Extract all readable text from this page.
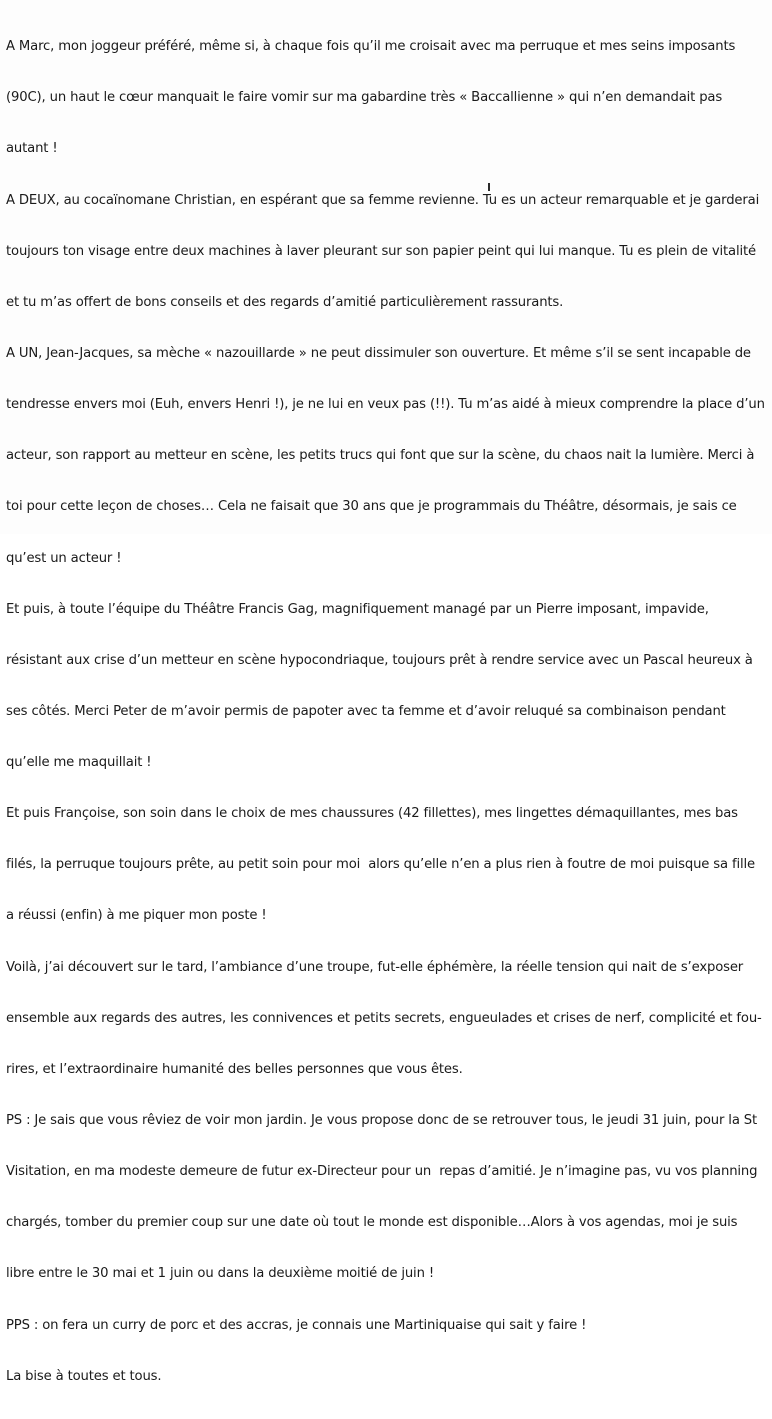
A Marc, mon joggeur préféré, même si, à chaque fois qu’il me croisait avec ma perruque et mes seins imposants

(90C), un haut le cœur manquait le faire vomir sur ma gabardine très « Baccallienne » qui n’en demandait pas

autant !

A DEUX, au cocaïnomane Christian, en espérant que sa femme revienne. Tu es un acteur remarquable et je garderai

toujours ton visage entre deux machines à laver pleurant sur son papier peint qui lui manque. Tu es plein de vitalité

et tu m’as offert de bons conseils et des regards d’amitié particulièrement rassurants.

A UN, Jean-Jacques, sa mèche « nazouillarde » ne peut dissimuler son ouverture. Et même s’il se sent incapable de

tendresse envers moi (Euh, envers Henri !), je ne lui en veux pas (!!). Tu m’as aidé à mieux comprendre la place d’un

acteur, son rapport au metteur en scène, les petits trucs qui font que sur la scène, du chaos nait la lumière. Merci à

toi pour cette leçon de choses… Cela ne faisait que 30 ans que je programmais du Théâtre, désormais, je sais ce

qu’est un acteur !

Et puis, à toute l’équipe du Théâtre Francis Gag, magnifiquement managé par un Pierre imposant, impavide,

résistant aux crise d’un metteur en scène hypocondriaque, toujours prêt à rendre service avec un Pascal heureux à

ses côtés. Merci Peter de m’avoir permis de papoter avec ta femme et d’avoir reluqué sa combinaison pendant

qu’elle me maquillait !

Et puis Françoise, son soin dans le choix de mes chaussures (42 fillettes), mes lingettes démaquillantes, mes bas

filés, la perruque toujours prête, au petit soin pour moi  alors qu’elle n’en a plus rien à foutre de moi puisque sa fille

a réussi (enfin) à me piquer mon poste !

Voilà, j’ai découvert sur le tard, l’ambiance d’une troupe, fut-elle éphémère, la réelle tension qui nait de s’exposer

ensemble aux regards des autres, les connivences et petits secrets, engueulades et crises de nerf, complicité et fou-

rires, et l’extraordinaire humanité des belles personnes que vous êtes.

PS : Je sais que vous rêviez de voir mon jardin. Je vous propose donc de se retrouver tous, le jeudi 31 juin, pour la St

Visitation, en ma modeste demeure de futur ex-Directeur pour un  repas d’amitié. Je n’imagine pas, vu vos planning

chargés, tomber du premier coup sur une date où tout le monde est disponible…Alors à vos agendas, moi je suis

libre entre le 30 mai et 1 juin ou dans la deuxième moitié de juin !

PPS : on fera un curry de porc et des accras, je connais une Martiniquaise qui sait y faire !

La bise à toutes et tous.
